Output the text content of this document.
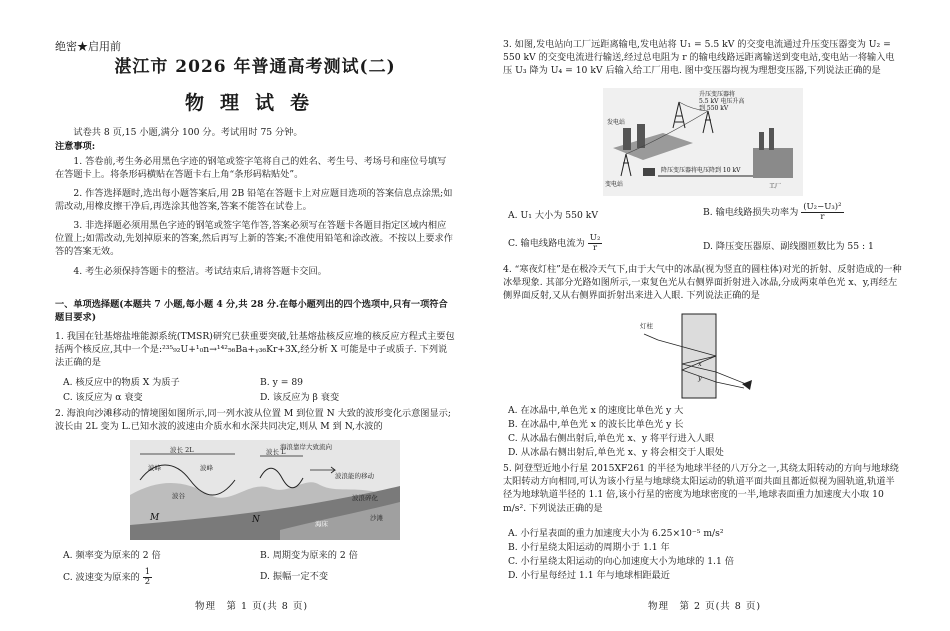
绝密★启用前
湛江市 2026 年普通高考测试(二)
物理试卷

试卷共 8 页,15 小题,满分 100 分。考试用时 75 分钟。

注意事项:

1. 答卷前,考生务必用黑色字迹的钢笔或签字笔将自己的姓名、考生号、考场号和座位号填写在答题卡上。将条形码横贴在答题卡右上角“条形码粘贴处”。

2. 作答选择题时,选出每小题答案后,用 2B 铅笔在答题卡上对应题目选项的答案信息点涂黑;如需改动,用橡皮擦干净后,再选涂其他答案,答案不能答在试卷上。

3. 非选择题必须用黑色字迹的钢笔或签字笔作答,答案必须写在答题卡各题目指定区域内相应位置上;如需改动,先划掉原来的答案,然后再写上新的答案;不准使用铅笔和涂改液。不按以上要求作答的答案无效。

4. 考生必须保持答题卡的整洁。考试结束后,请将答题卡交回。

一、单项选择题(本题共 7 小题,每小题 4 分,共 28 分.在每小题列出的四个选项中,只有一项符合题目要求)

1. 我国在钍基熔盐堆能源系统(TMSR)研究已获重要突破,钍基熔盐核反应堆的核反应方程式主要包括两个核反应,其中一个是:²³⁵₉₂U+¹₀n→¹⁴²₅₆Ba+ᵧ₃₆Kr+3X,经分析 X 可能是中子或质子. 下列说法正确的是

A. 核反应中的物质 X 为质子	B. y = 89
C. 该反应为 α 衰变	D. 该反应为 β 衰变

2. 海浪向沙滩移动的情境图如图所示,同一列水波从位置 M 到位置 N 大致的波形变化示意图显示;波长由 2L 变为 L.已知水波的波速由介质水和水深共同决定,则从 M 到 N,水波的

海浪靠岸大致流向
波长 2L	波长 L
波峰	波峰
波谷
波浪能的移动
波浪碎化
沙滩
海床
M	N
A. 频率变为原来的 2 倍	B. 周期变为原来的 2 倍
C. 波速变为原来的 $\frac{1}{2}$	D. 振幅一定不变
物理　第 1 页(共 8 页)

3. 如图,发电站向工厂远距离输电,发电站将 U₁ = 5.5 kV 的交变电流通过升压变压器变为 U₂ = 550 kV 的交变电流进行输送,经过总电阻为 r 的输电线路远距离输送到变电站,变电站一将输入电压 U₃ 降为 U₄ = 10 kV 后输入给工厂用电. 图中变压器均视为理想变压器,下列说法正确的是

升压变压器将
5.5 kV 电压升高
到 550 kV
发电站
变电站
降压变压器将电压降到 10 kV
工厂
A. U₁ 大小为 550 kV	B. 输电线路损失功率为 $\frac{\text{(U₂−U₃)²}}{r}$
C. 输电线路电流为 $\frac{\text{U₂}}{r}$	D. 降压变压器原、副线圈匝数比为 55 : 1

4. “寒夜灯柱”是在极冷天气下,由于大气中的冰晶(视为竖直的圆柱体)对光的折射、反射造成的一种冰晕现象. 其部分光路如图所示,一束复色光从右侧界面折射进入冰晶,分成两束单色光 x、y,再经左侧界面反射,又从右侧界面折射出来进入人眼. 下列说法正确的是

灯柱
x
y
A. 在冰晶中,单色光 x 的速度比单色光 y 大
B. 在冰晶中,单色光 x 的波长比单色光 y 长
C. 从冰晶右侧出射后,单色光 x、y 将平行进入人眼
D. 从冰晶右侧出射后,单色光 x、y 将会相交于人眼处

5. 阿登型近地小行星 2015XF261 的半径为地球半径的八万分之一,其绕太阳转动的方向与地球绕太阳转动方向相同,可认为该小行星与地球绕太阳运动的轨道平面共面且都近似视为圆轨道,轨道半径为地球轨道半径的 1.1 倍,该小行星的密度为地球密度的一半,地球表面重力加速度大小取 10 m/s². 下列说法正确的是

A. 小行星表面的重力加速度大小为 6.25×10⁻⁵ m/s²
B. 小行星绕太阳运动的周期小于 1.1 年
C. 小行星绕太阳运动的向心加速度大小为地球的 1.1 倍
D. 小行星每经过 1.1 年与地球相距最近
物理　第 2 页(共 8 页)
